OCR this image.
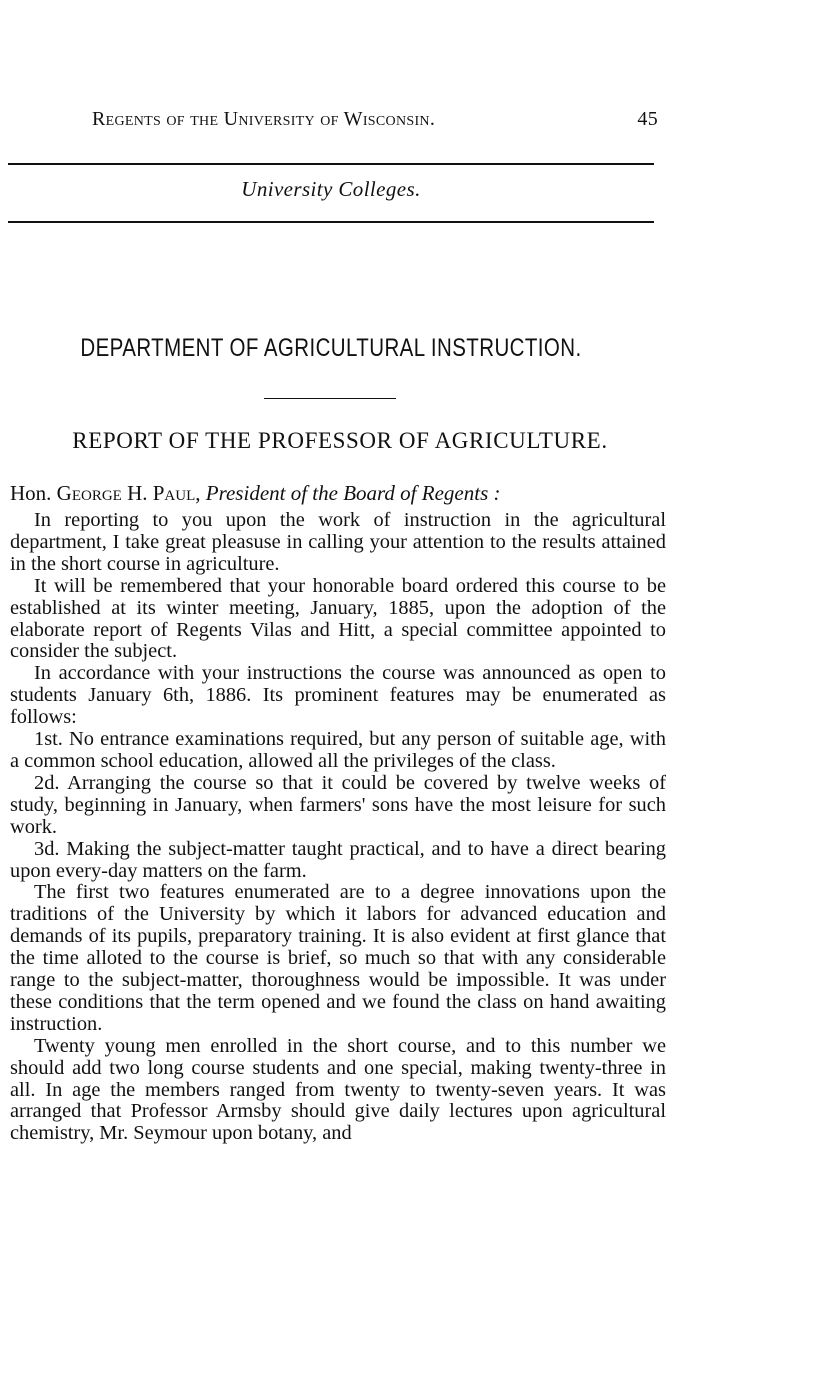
Regents of the University of Wisconsin.	45
University Colleges.
DEPARTMENT OF AGRICULTURAL INSTRUCTION.
REPORT OF THE PROFESSOR OF AGRICULTURE.
Hon. George H. Paul, President of the Board of Regents :

In reporting to you upon the work of instruction in the agricultural department, I take great pleasuse in calling your attention to the results attained in the short course in agriculture.

It will be remembered that your honorable board ordered this course to be established at its winter meeting, January, 1885, upon the adoption of the elaborate report of Regents Vilas and Hitt, a special committee appointed to consider the subject.

In accordance with your instructions the course was announced as open to students January 6th, 1886. Its prominent features may be enumerated as follows:

1st. No entrance examinations required, but any person of suitable age, with a common school education, allowed all the privileges of the class.

2d. Arranging the course so that it could be covered by twelve weeks of study, beginning in January, when farmers' sons have the most leisure for such work.

3d. Making the subject-matter taught practical, and to have a direct bearing upon every-day matters on the farm.

The first two features enumerated are to a degree innovations upon the traditions of the University by which it labors for advanced education and demands of its pupils, preparatory training. It is also evident at first glance that the time alloted to the course is brief, so much so that with any considerable range to the subject-matter, thoroughness would be impossible. It was under these conditions that the term opened and we found the class on hand awaiting instruction.

Twenty young men enrolled in the short course, and to this number we should add two long course students and one special, making twenty-three in all. In age the members ranged from twenty to twenty-seven years. It was arranged that Professor Armsby should give daily lectures upon agricultural chemistry, Mr. Seymour upon botany, and
